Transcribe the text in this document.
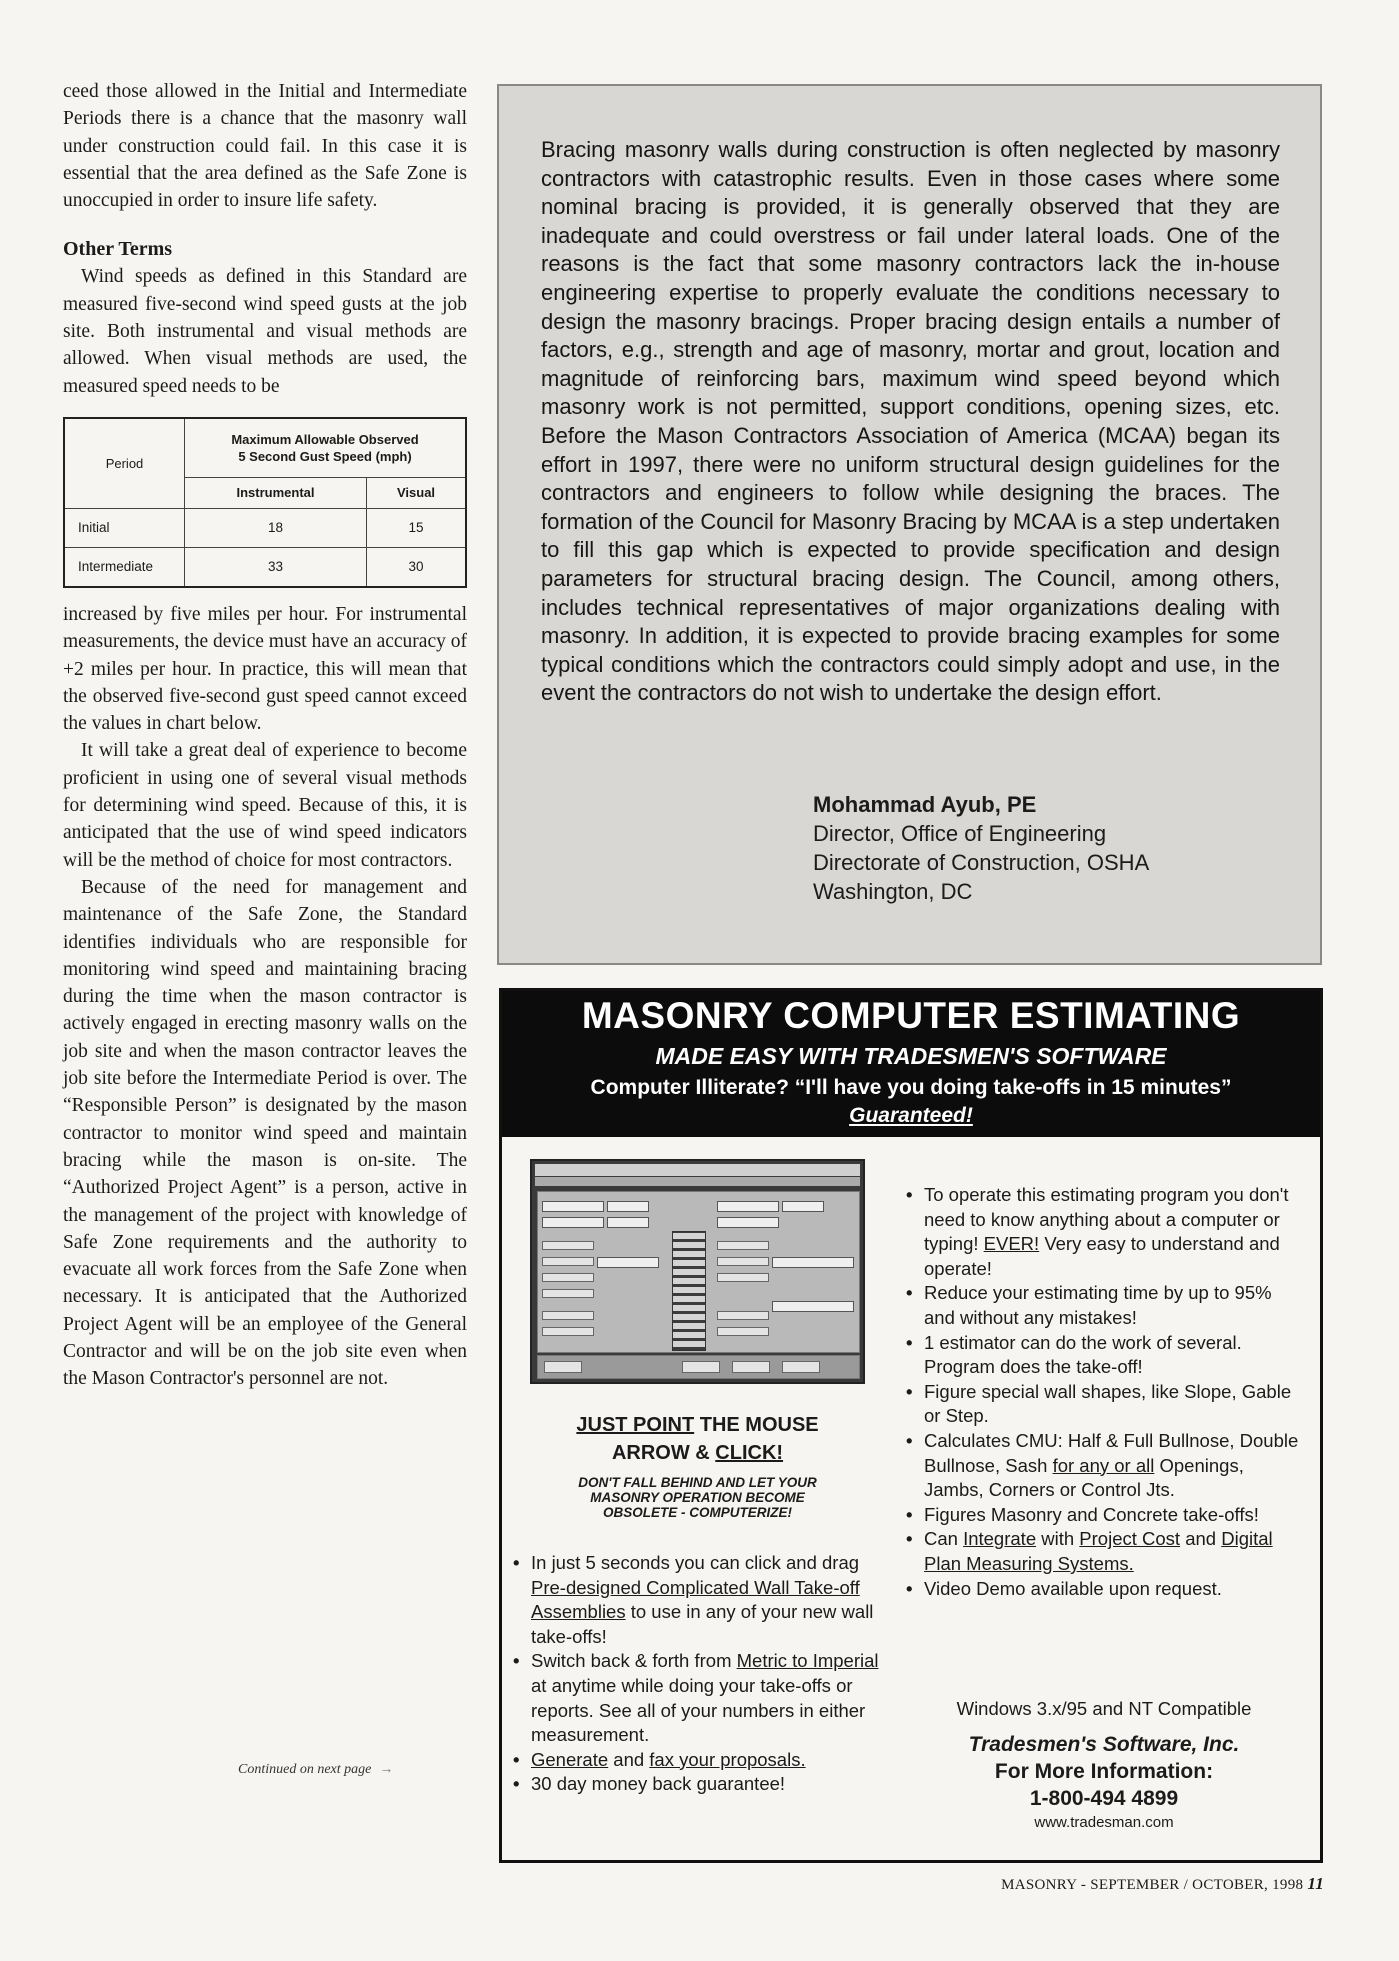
ceed those allowed in the Initial and Intermediate Periods there is a chance that the masonry wall under construction could fail. In this case it is essential that the area defined as the Safe Zone is unoccupied in order to insure life safety.

Other Terms

Wind speeds as defined in this Standard are measured five-second wind speed gusts at the job site. Both instrumental and visual methods are allowed. When visual methods are used, the measured speed needs to be

Period	Maximum Allowable Observed
5 Second Gust Speed (mph)	
	Instrumental	Visual
Initial	18	15
Intermediate	33	30

increased by five miles per hour. For instrumental measurements, the device must have an accuracy of +2 miles per hour. In practice, this will mean that the observed five-second gust speed cannot exceed the values in chart below.

It will take a great deal of experience to become proficient in using one of several visual methods for determining wind speed. Because of this, it is anticipated that the use of wind speed indicators will be the method of choice for most contractors.

Because of the need for management and maintenance of the Safe Zone, the Standard identifies individuals who are responsible for monitoring wind speed and maintaining bracing during the time when the mason contractor is actively engaged in erecting masonry walls on the job site and when the mason contractor leaves the job site before the Intermediate Period is over. The “Responsible Person” is designated by the mason contractor to monitor wind speed and maintain bracing while the mason is on-site. The “Authorized Project Agent” is a person, active in the management of the project with knowledge of Safe Zone requirements and the authority to evacuate all work forces from the Safe Zone when necessary. It is anticipated that the Authorized Project Agent will be an employee of the General Contractor and will be on the job site even when the Mason Contractor's personnel are not.

Continued on next page →

Bracing masonry walls during construction is often neglected by masonry contractors with catastrophic results. Even in those cases where some nominal bracing is provided, it is generally observed that they are inadequate and could overstress or fail under lateral loads. One of the reasons is the fact that some masonry contractors lack the in-house engineering expertise to properly evaluate the conditions necessary to design the masonry bracings. Proper bracing design entails a number of factors, e.g., strength and age of masonry, mortar and grout, location and magnitude of reinforcing bars, maximum wind speed beyond which masonry work is not permitted, support conditions, opening sizes, etc. Before the Mason Contractors Association of America (MCAA) began its effort in 1997, there were no uniform structural design guidelines for the contractors and engineers to follow while designing the braces. The formation of the Council for Masonry Bracing by MCAA is a step undertaken to fill this gap which is expected to provide specification and design parameters for structural bracing design. The Council, among others, includes technical representatives of major organizations dealing with masonry. In addition, it is expected to provide bracing examples for some typical conditions which the contractors could simply adopt and use, in the event the contractors do not wish to undertake the design effort.

Mohammad Ayub, PE
Director, Office of Engineering
Directorate of Construction, OSHA
Washington, DC
MASONRY COMPUTER ESTIMATING
MADE EASY WITH TRADESMEN'S SOFTWARE
Computer Illiterate? “I'll have you doing take-offs in 15 minutes”
Guaranteed!
JUST POINT THE MOUSE
ARROW & CLICK!
DON'T FALL BEHIND AND LET YOUR
MASONRY OPERATION BECOME
OBSOLETE - COMPUTERIZE!
• In just 5 seconds you can click and drag Pre-designed Complicated Wall Take-off Assemblies to use in any of your new wall take-offs!
• Switch back & forth from Metric to Imperial at anytime while doing your take-offs or reports. See all of your numbers in either measurement.
• Generate and fax your proposals.
• 30 day money back guarantee!
• To operate this estimating program you don't need to know anything about a computer or typing! EVER! Very easy to understand and operate!
• Reduce your estimating time by up to 95% and without any mistakes!
• 1 estimator can do the work of several. Program does the take-off!
• Figure special wall shapes, like Slope, Gable or Step.
• Calculates CMU: Half & Full Bullnose, Double Bullnose, Sash for any or all Openings, Jambs, Corners or Control Jts.
• Figures Masonry and Concrete take-offs!
• Can Integrate with Project Cost and Digital Plan Measuring Systems.
• Video Demo available upon request.
Windows 3.x/95 and NT Compatible
Tradesmen's Software, Inc.
For More Information:
1-800-494 4899
www.tradesman.com
MASONRY - SEPTEMBER / OCTOBER, 1998 11
